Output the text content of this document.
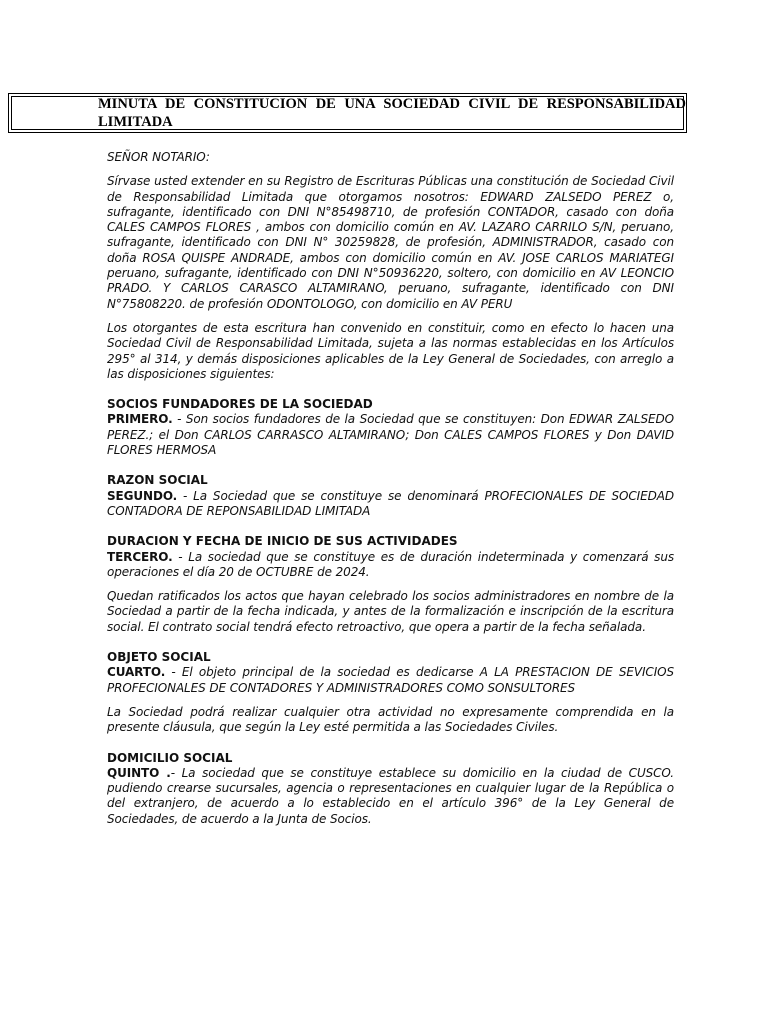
MINUTA DE CONSTITUCION DE UNA SOCIEDAD CIVIL DE RESPONSABILIDAD LIMITADA

SEÑOR NOTARIO:

Sírvase usted extender en su Registro de Escrituras Públicas una constitución de Sociedad Civil de Responsabilidad Limitada que otorgamos nosotros: EDWARD ZALSEDO PEREZ o, sufragante, identificado con DNI N°85498710, de profesión CONTADOR, casado con doña CALES CAMPOS FLORES , ambos con domicilio común en AV. LAZARO CARRILO S/N, peruano, sufragante, identificado con DNI N° 30259828, de profesión, ADMINISTRADOR, casado con doña ROSA QUISPE ANDRADE, ambos con domicilio común en AV. JOSE CARLOS MARIATEGI peruano, sufragante, identificado con DNI N°50936220, soltero, con domicilio en AV LEONCIO PRADO. Y CARLOS CARASCO ALTAMIRANO, peruano, sufragante, identificado con DNI N°75808220. de profesión ODONTOLOGO, con domicilio en AV PERU

Los otorgantes de esta escritura han convenido en constituir, como en efecto lo hacen una Sociedad Civil de Responsabilidad Limitada, sujeta a las normas establecidas en los Artículos 295° al 314, y demás disposiciones aplicables de la Ley General de Sociedades, con arreglo a las disposiciones siguientes:

SOCIOS FUNDADORES DE LA SOCIEDAD

PRIMERO. - Son socios fundadores de la Sociedad que se constituyen: Don EDWAR ZALSEDO PEREZ.; el Don CARLOS CARRASCO ALTAMIRANO; Don CALES CAMPOS FLORES y Don DAVID FLORES HERMOSA

RAZON SOCIAL

SEGUNDO. - La Sociedad que se constituye se denominará PROFECIONALES DE SOCIEDAD CONTADORA DE REPONSABILIDAD LIMITADA

DURACION Y FECHA DE INICIO DE SUS ACTIVIDADES

TERCERO. - La sociedad que se constituye es de duración indeterminada y comenzará sus operaciones el día 20 de OCTUBRE de 2024.

Quedan ratificados los actos que hayan celebrado los socios administradores en nombre de la Sociedad a partir de la fecha indicada, y antes de la formalización e inscripción de la escritura social. El contrato social tendrá efecto retroactivo, que opera a partir de la fecha señalada.

OBJETO SOCIAL

CUARTO. - El objeto principal de la sociedad es dedicarse A LA PRESTACION DE SEVICIOS PROFECIONALES DE CONTADORES Y ADMINISTRADORES COMO SONSULTORES

La Sociedad podrá realizar cualquier otra actividad no expresamente comprendida en la presente cláusula, que según la Ley esté permitida a las Sociedades Civiles.

DOMICILIO SOCIAL

QUINTO .- La sociedad que se constituye establece su domicilio en la ciudad de CUSCO. pudiendo crearse sucursales, agencia o representaciones en cualquier lugar de la República o del extranjero, de acuerdo a lo establecido en el artículo 396° de la Ley General de Sociedades, de acuerdo a la Junta de Socios.
